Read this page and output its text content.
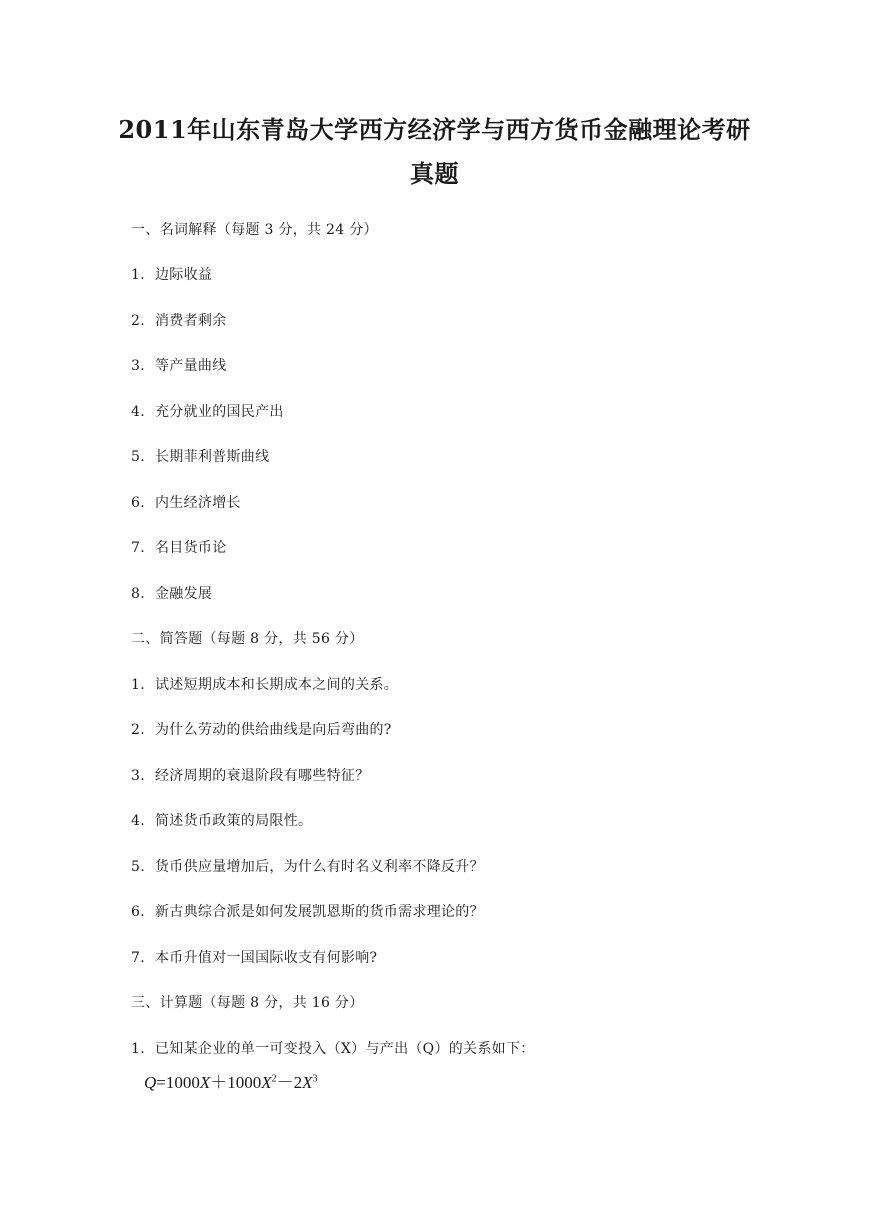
2011年山东青岛大学西方经济学与西方货币金融理论考研
真题
一、名词解释（每题 3 分，共 24 分）
1. 边际收益
2. 消费者剩余
3. 等产量曲线
4. 充分就业的国民产出
5. 长期菲利普斯曲线
6. 内生经济增长
7. 名目货币论
8. 金融发展
二、简答题（每题 8 分，共 56 分）
1. 试述短期成本和长期成本之间的关系。
2. 为什么劳动的供给曲线是向后弯曲的?
3. 经济周期的衰退阶段有哪些特征？
4. 简述货币政策的局限性。
5. 货币供应量增加后，为什么有时名义利率不降反升？
6. 新古典综合派是如何发展凯恩斯的货币需求理论的？
7. 本币升值对一国国际收支有何影响?
三、计算题（每题 8 分，共 16 分）
1. 已知某企业的单一可变投入（X）与产出（Q）的关系如下：
$Q=1000X+1000X^2-2X^3$
